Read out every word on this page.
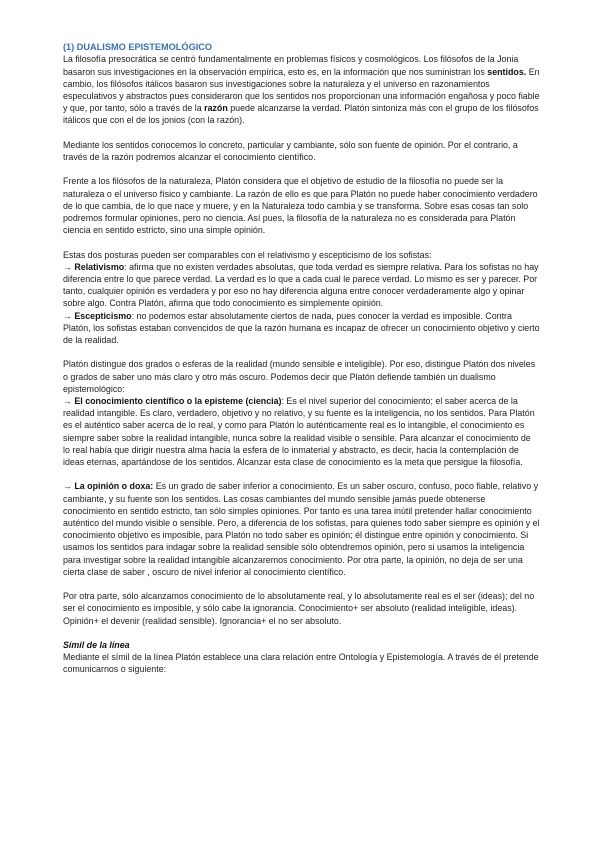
(1) DUALISMO EPISTEMOLÓGICO

La filosofía presocrática se centró fundamentalmente en problemas físicos y cosmológicos. Los filósofos de la Jonia basaron sus investigaciones en la observación empírica, esto es, en la información que nos suministran los sentidos. En cambio, los filósofos itálicos basaron sus investigaciones sobre la naturaleza y el universo en razonamientos especulativos y abstractos pues consideraron que los sentidos nos proporcionan una información engañosa y poco fiable y que, por tanto, sólo a través de la razón puede alcanzarse la verdad. Platón sintoniza más con el grupo de los filósofos itálicos que con el de los jonios (con la razón).

Mediante los sentidos conocemos lo concreto, particular y cambiante, sólo son fuente de opinión. Por el contrario, a través de la razón podremos alcanzar el conocimiento científico.

Frente a los filósofos de la naturaleza, Platón considera que el objetivo de estudio de la filosofía no puede ser la naturaleza o el universo físico y cambiante. La razón de ello es que para Platón no puede haber conocimiento verdadero de lo que cambia, de lo que nace y muere, y en la Naturaleza todo cambia y se transforma. Sobre esas cosas tan solo podremos formular opiniones, pero no ciencia. Así pues, la filosofía de la naturaleza no es considerada para Platón ciencia en sentido estricto, sino una simple opinión.

Estas dos posturas pueden ser comparables con el relativismo y escepticismo de los sofistas:

→ Relativismo: afirma que no existen verdades absolutas, que toda verdad es siempre relativa. Para los sofistas no hay diferencia entre lo que parece verdad. La verdad es lo que a cada cual le parece verdad. Lo mismo es ser y parecer. Por tanto, cualquier opinión es verdadera y por eso no hay diferencia alguna entre conocer verdaderamente algo y opinar sobre algo. Contra Platón, afirma que todo conocimiento es simplemente opinión.

→ Escepticismo: no podemos estar absolutamente ciertos de nada, pues conocer la verdad es imposible. Contra Platón, los sofistas estaban convencidos de que la razón humana es incapaz de ofrecer un conocimiento objetivo y cierto de la realidad.

Platón distingue dos grados o esferas de la realidad (mundo sensible e inteligible). Por eso, distingue Platón dos niveles o grados de saber uno más claro y otro más oscuro. Podemos decir que Platón defiende también un dualismo epistemológico:

→ El conocimiento científico o la episteme (ciencia): Es el nivel superior del conocimiento; el saber acerca de la realidad intangible. Es claro, verdadero, objetivo y no relativo, y su fuente es la inteligencia, no los sentidos. Para Platón es el auténtico saber acerca de lo real, y como para Platón lo auténticamente real es lo intangible, el conocimiento es siempre saber sobre la realidad intangible, nunca sobre la realidad visible o sensible. Para alcanzar el conocimiento de lo real había que dirigir nuestra alma hacia la esfera de lo inmaterial y abstracto, es decir, hacia la contemplación de ideas eternas, apartándose de los sentidos. Alcanzar esta clase de conocimiento es la meta que persigue la filosofía.

→ La opinión o doxa: Es un grado de saber inferior a conocimiento. Es un saber oscuro, confuso, poco fiable, relativo y cambiante, y su fuente son los sentidos. Las cosas cambiantes del mundo sensible jamás puede obtenerse conocimiento en sentido estricto, tan sólo simples opiniones. Por tanto es una tarea inútil pretender hallar conocimiento auténtico del mundo visible o sensible. Pero, a diferencia de los sofistas, para quienes todo saber siempre es opinión y el conocimiento objetivo es imposible, para Platón no todo saber es opinión; él distingue entre opinión y conocimiento. Si usamos los sentidos para indagar sobre la realidad sensible sólo obtendremos opinión, pero si usamos la inteligencia para investigar sobre la realidad intangible alcanzaremos conocimiento. Por otra parte, la opinión, no deja de ser una cierta clase de saber , oscuro de nivel inferior al conocimiento científico.

Por otra parte, sólo alcanzamos conocimiento de lo absolutamente real, y lo absolutamente real es el ser (ideas); del no ser el conocimiento es imposible, y sólo cabe la ignorancia. Conocimiento+ ser absoluto (realidad inteligible, ideas). Opinión+ el devenir (realidad sensible). Ignorancia+ el no ser absoluto.

Símil de la línea

Mediante el símil de la línea Platón establece una clara relación entre Ontología y Epistemología. A través de él pretende comunicarnos o siguiente:
